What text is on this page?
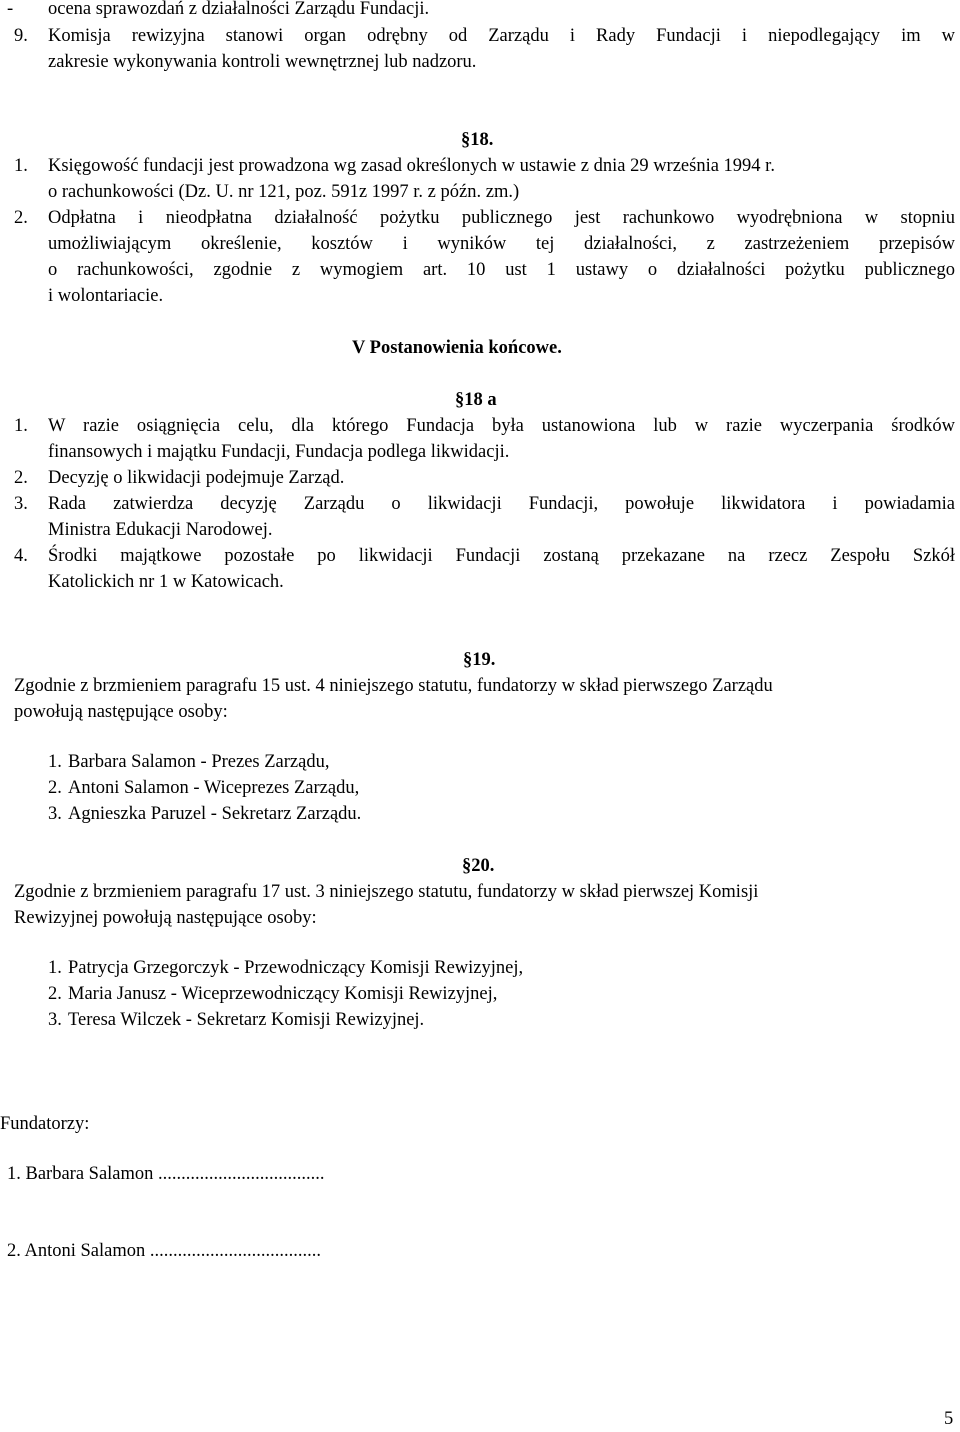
- ocena sprawozdań z działalności Zarządu Fundacji.
9. Komisja rewizyjna stanowi organ odrębny od Zarządu i Rady Fundacji i niepodlegający im w
zakresie wykonywania kontroli wewnętrznej lub nadzoru.
§18.
1. Księgowość fundacji jest prowadzona wg zasad określonych w ustawie z dnia 29 września 1994 r.
o rachunkowości (Dz. U. nr 121, poz. 591z 1997 r. z późn. zm.)
2. Odpłatna i nieodpłatna działalność pożytku publicznego jest rachunkowo wyodrębniona w stopniu
umożliwiającym określenie, kosztów i wyników tej działalności, z zastrzeżeniem przepisów
o rachunkowości, zgodnie z wymogiem art. 10 ust 1 ustawy o działalności pożytku publicznego
i wolontariacie.
V Postanowienia końcowe.
§18 a
1. W razie osiągnięcia celu, dla którego Fundacja była ustanowiona lub w razie wyczerpania środków
finansowych i majątku Fundacji, Fundacja podlega likwidacji.
2. Decyzję o likwidacji podejmuje Zarząd.
3. Rada zatwierdza decyzję Zarządu o likwidacji Fundacji, powołuje likwidatora i powiadamia
Ministra Edukacji Narodowej.
4. Środki majątkowe pozostałe po likwidacji Fundacji zostaną przekazane na rzecz Zespołu Szkół
Katolickich nr 1 w Katowicach.
§19.
Zgodnie z brzmieniem paragrafu 15 ust. 4 niniejszego statutu, fundatorzy w skład pierwszego Zarządu
powołują następujące osoby:
1. Barbara Salamon - Prezes Zarządu,
2. Antoni Salamon - Wiceprezes Zarządu,
3. Agnieszka Paruzel - Sekretarz Zarządu.
§20.
Zgodnie z brzmieniem paragrafu 17 ust. 3 niniejszego statutu, fundatorzy w skład pierwszej Komisji
Rewizyjnej powołują następujące osoby:
1. Patrycja Grzegorczyk - Przewodniczący Komisji Rewizyjnej,
2. Maria Janusz - Wiceprzewodniczący Komisji Rewizyjnej,
3. Teresa Wilczek - Sekretarz Komisji Rewizyjnej.
Fundatorzy:
1. Barbara Salamon ....................................
2. Antoni Salamon .....................................
5
